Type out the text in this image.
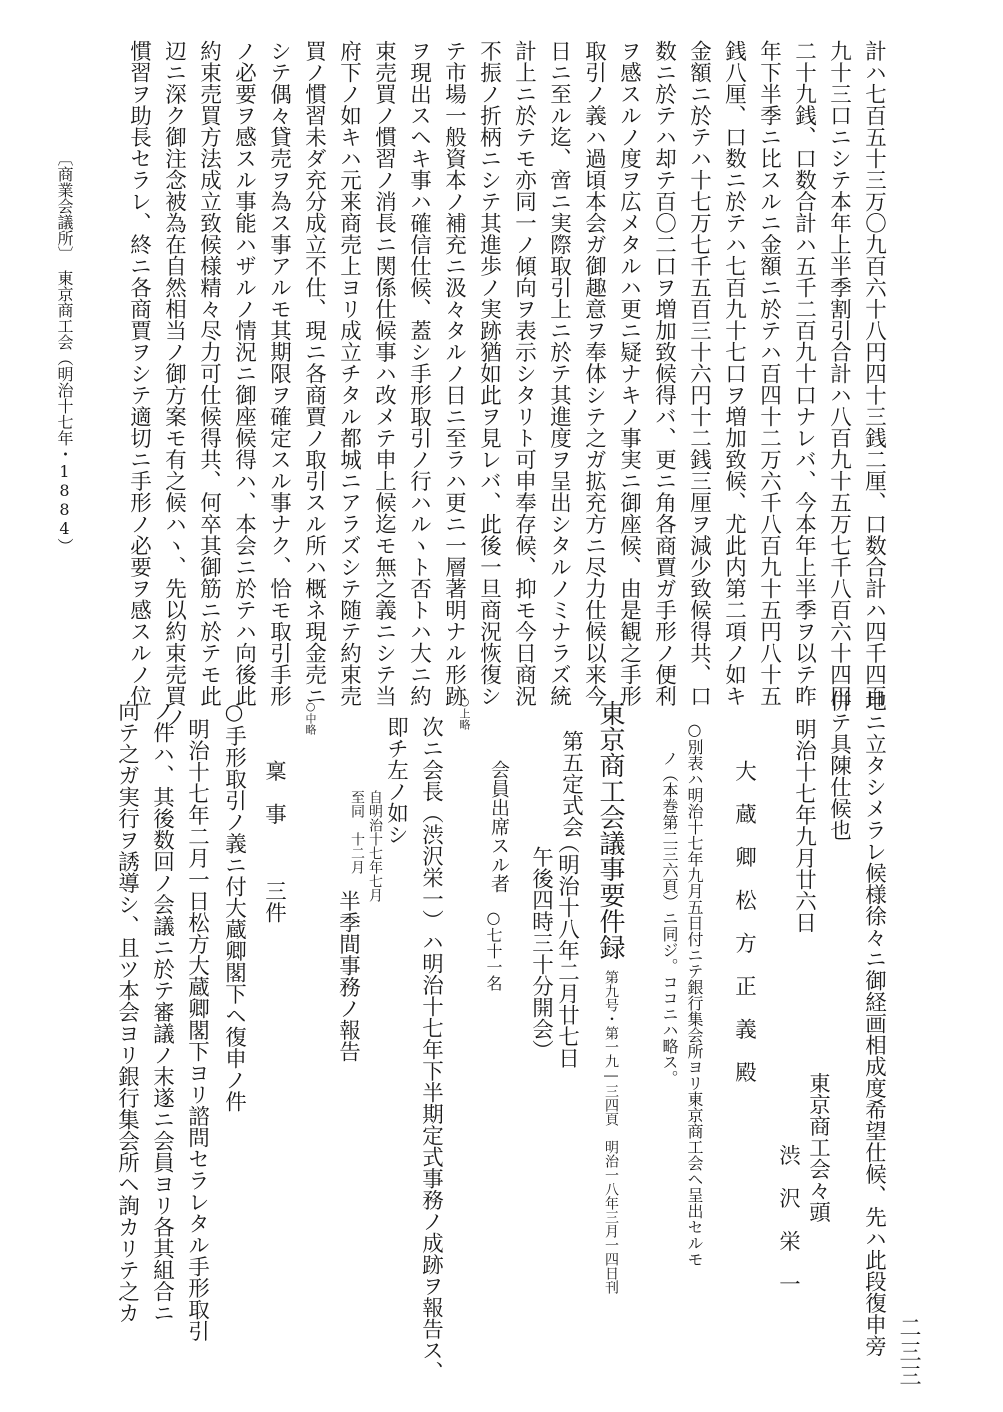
計ハ七百五十三万〇九百六十八円四十三銭二厘、口数合計ハ四千四百
九十三口ニシテ本年上半季割引合計ハ八百九十五万七千八百六十四円
二十九銭、口数合計ハ五千二百九十口ナレバ、今本年上半季ヲ以テ昨
年下半季ニ比スルニ金額ニ於テハ百四十二万六千八百九十五円八十五
銭八厘、口数ニ於テハ七百九十七口ヲ増加致候、尤此内第二項ノ如キ
金額ニ於テハ十七万七千五百三十六円十二銭三厘ヲ減少致候得共、口
数ニ於テハ却テ百〇二口ヲ増加致候得バ、更ニ角各商賈ガ手形ノ便利
ヲ感スルノ度ヲ広メタルハ更ニ疑ナキノ事実ニ御座候、由是観之手形
取引ノ義ハ過頃本会ガ御趣意ヲ奉体シテ之ガ拡充方ニ尽力仕候以来今
日ニ至ル迄、啻ニ実際取引上ニ於テ其進度ヲ呈出シタルノミナラズ統
計上ニ於テモ亦同一ノ傾向ヲ表示シタリト可申奉存候、抑モ今日商況
不振ノ折柄ニシテ其進歩ノ実跡猶如此ヲ見レバ、此後一旦商況恢復シ
テ市場一般資本ノ補充ニ汲々タルノ日ニ至ラハ更ニ一層著明ナル形跡
ヲ現出スヘキ事ハ確信仕候、蓋シ手形取引ノ行ハルヽト否トハ大ニ約
束売買ノ慣習ノ消長ニ関係仕候事ハ改メテ申上候迄モ無之義ニシテ当
府下ノ如キハ元来商売上ヨリ成立チタル都城ニアラズシテ随テ約束売
買ノ慣習未ダ充分成立不仕、現ニ各商賈ノ取引スル所ハ概ネ現金売ニ
シテ偶々貸売ヲ為ス事アルモ其期限ヲ確定スル事ナク、恰モ取引手形
ノ必要ヲ感スル事能ハザルノ情況ニ御座候得ハ、本会ニ於テハ向後此
約束売買方法成立致候様精々尽力可仕候得共、何卒其御筋ニ於テモ此
辺ニ深ク御注念被為在自然相当ノ御方案モ有之候ハヽ、先以約束売買ノ
慣習ヲ助長セラレ、終ニ各商賈ヲシテ適切ニ手形ノ必要ヲ感スルノ位
〔商業会議所〕　東京商工会（明治十七年・1884）
地ニ立タシメラレ候様徐々ニ御経画相成度希望仕候、先ハ此段復申旁
併テ具陳仕候也
明治十七年九月廿六日
東京商工会々頭
渋　沢　栄　一
大　蔵　卿　松　方　正　義　殿
○別表ハ明治十七年九月五日付ニテ銀行集会所ヨリ東京商工会ヘ呈出セルモ
ノ（本巻第二三六頁）ニ同ジ。ココニハ略ス。
東京商工会議事要件録
第九号・第一九―三四頁　明治一八年三月一四日刊
第五定式会
（明治十八年二月廿七日
午後四時三十分開会）
会員出席スル者
○七十一名
○上略
次ニ会長（渋沢栄一）ハ明治十七年下半期定式事務ノ成跡ヲ報告ス、
即チ左ノ如シ
自明治十七年七月
至同　十二月
半季間事務ノ報告
○中略
稟　事
三件
○手形取引ノ義ニ付大蔵卿閣下ヘ復申ノ件
明治十七年二月一日松方大蔵卿閣下ヨリ諮問セラレタル手形取引
ノ件ハ、其後数回ノ会議ニ於テ審議ノ末遂ニ会員ヨリ各其組合ニ
向テ之ガ実行ヲ誘導シ、且ツ本会ヨリ銀行集会所ヘ詢カリテ之カ
二三三
